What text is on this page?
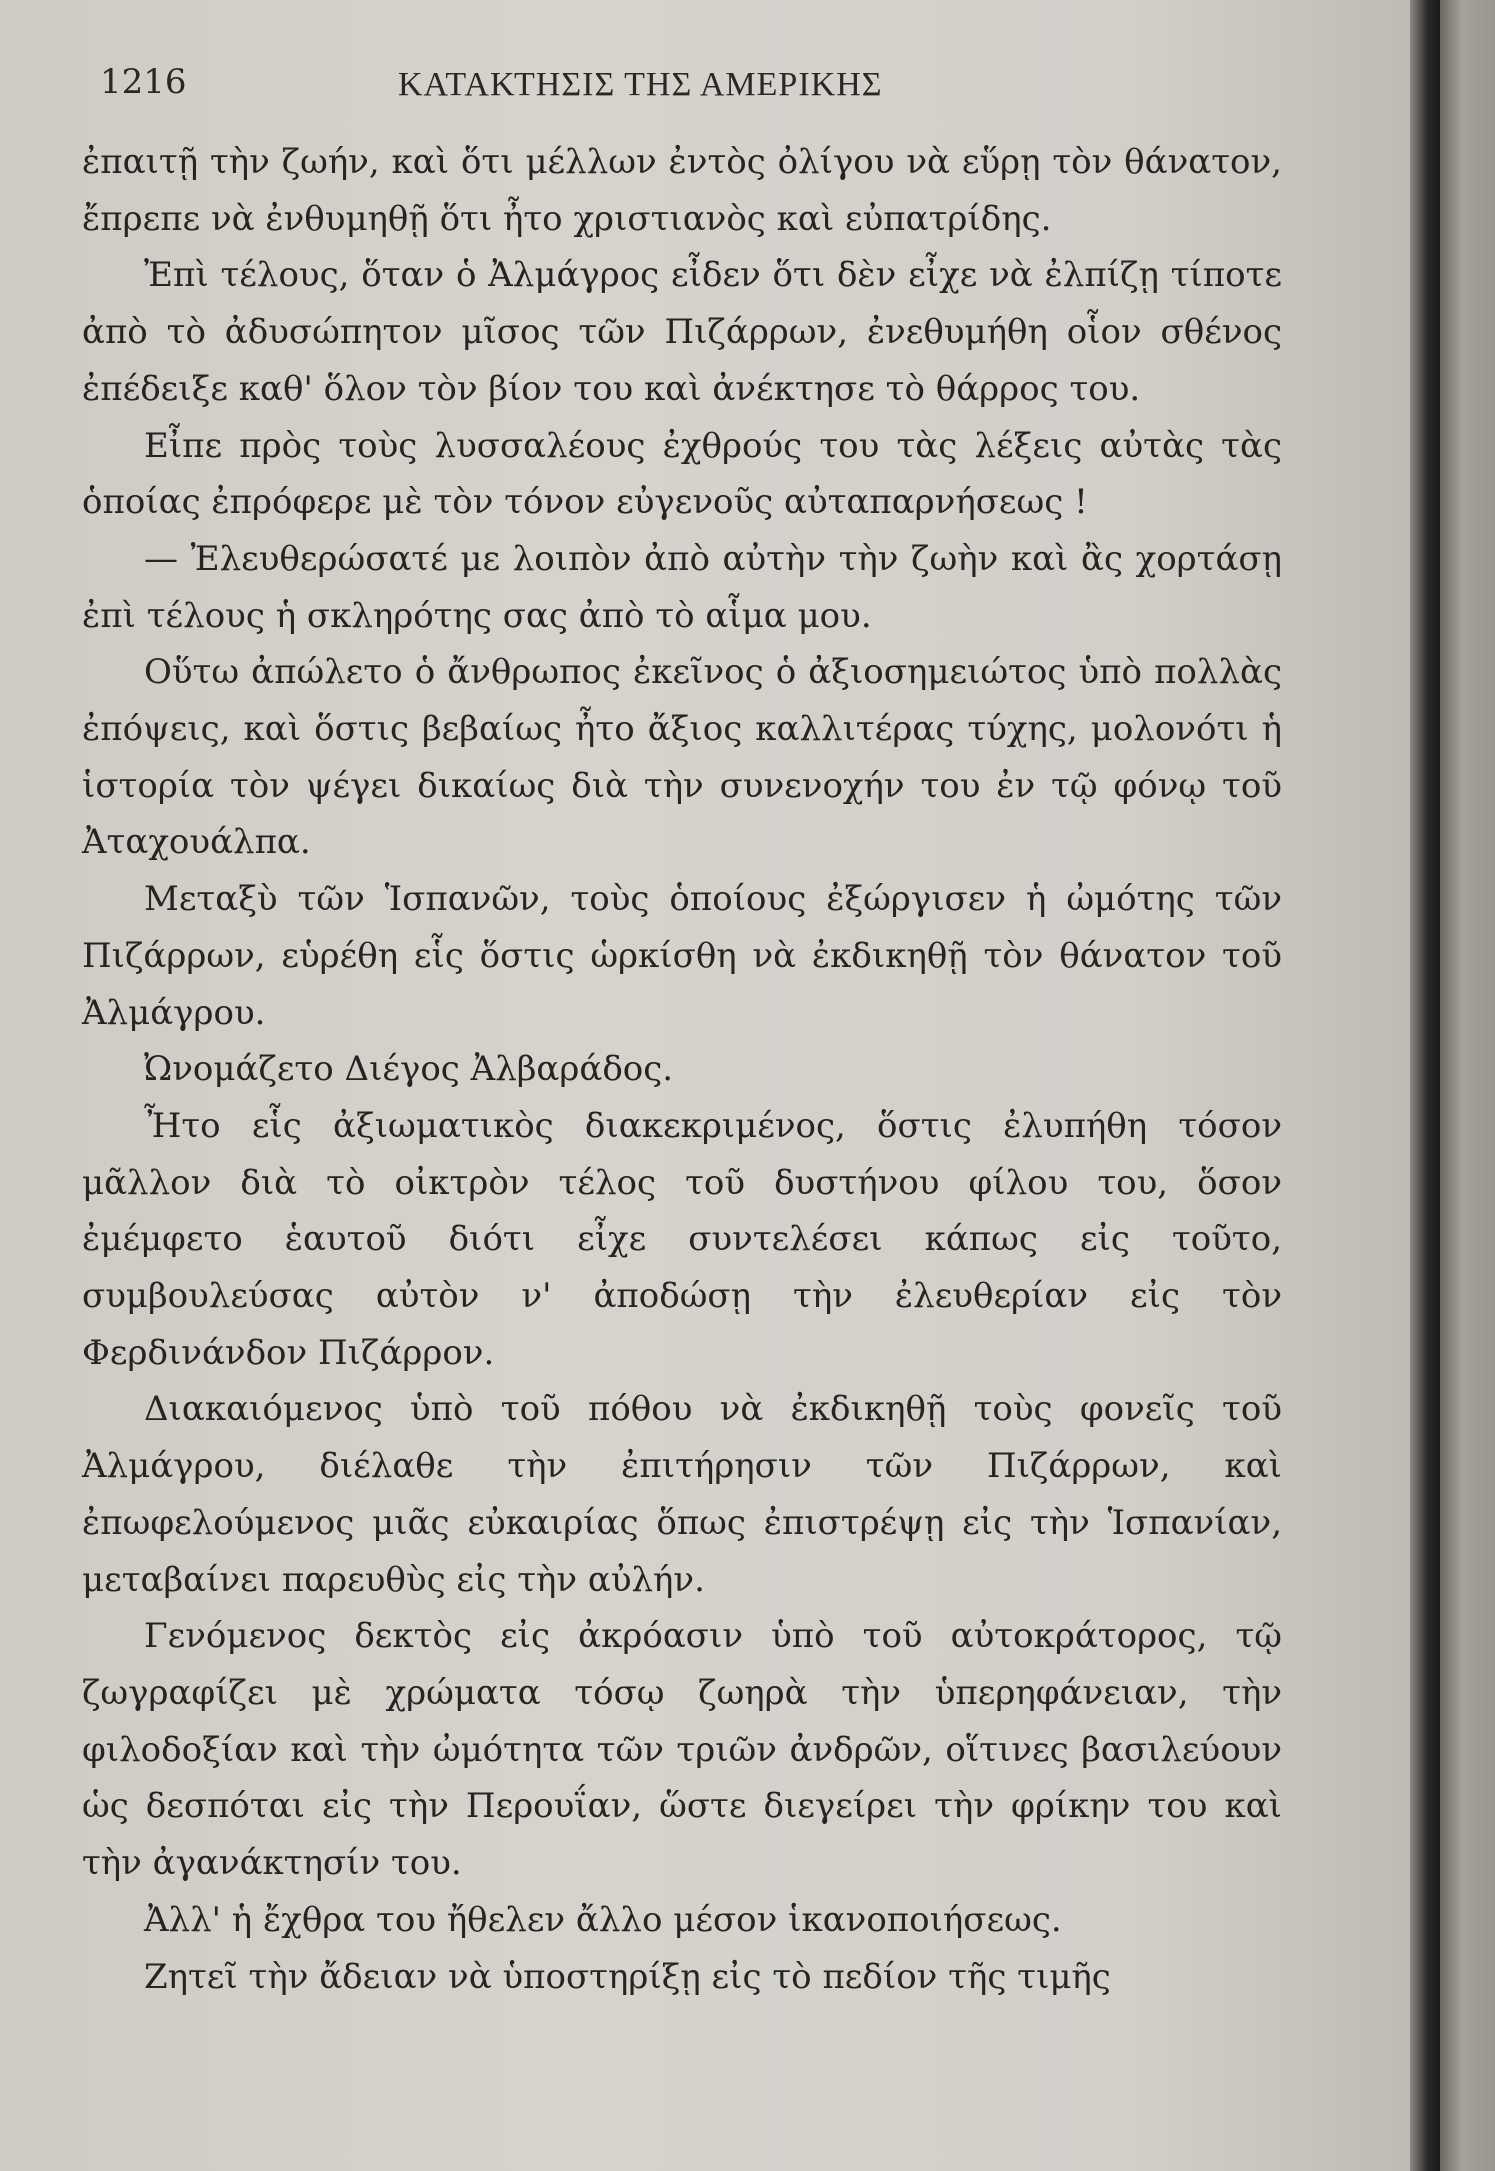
1216	ΚΑΤΑΚΤΗΣΙΣ ΤΗΣ ΑΜΕΡΙΚΗΣ

ἐπαιτῇ τὴν ζωήν, καὶ ὅτι μέλλων ἐντὸς ὀλίγου νὰ εὕρῃ τὸν θάνατον, ἔπρεπε νὰ ἐνθυμηθῇ ὅτι ἦτο χριστιανὸς καὶ εὐπατρίδης.

Ἐπὶ τέλους, ὅταν ὁ Ἀλμάγρος εἶδεν ὅτι δὲν εἶχε νὰ ἐλπίζῃ τίποτε ἀπὸ τὸ ἀδυσώπητον μῖσος τῶν Πιζάρρων, ἐνεθυμήθη οἷον σθένος ἐπέδειξε καθ' ὅλον τὸν βίον του καὶ ἀνέκτησε τὸ θάρρος του.

Εἶπε πρὸς τοὺς λυσσαλέους ἐχθρούς του τὰς λέξεις αὐτὰς τὰς ὁποίας ἐπρόφερε μὲ τὸν τόνον εὐγενοῦς αὐταπαρνήσεως !

— Ἐλευθερώσατέ με λοιπὸν ἀπὸ αὐτὴν τὴν ζωὴν καὶ ἂς χορτάσῃ ἐπὶ τέλους ἡ σκληρότης σας ἀπὸ τὸ αἷμα μου.

Οὕτω ἀπώλετο ὁ ἄνθρωπος ἐκεῖνος ὁ ἀξιοσημειώτος ὑπὸ πολλὰς ἐπόψεις, καὶ ὅστις βεβαίως ἦτο ἄξιος καλλιτέρας τύχης, μολονότι ἡ ἱστορία τὸν ψέγει δικαίως διὰ τὴν συνενοχήν του ἐν τῷ φόνῳ τοῦ Ἀταχουάλπα.

Μεταξὺ τῶν Ἱσπανῶν, τοὺς ὁποίους ἐξώργισεν ἡ ὠμότης τῶν Πιζάρρων, εὑρέθη εἷς ὅστις ὡρκίσθη νὰ ἐκδικηθῇ τὸν θάνατον τοῦ Ἀλμάγρου.

Ὠνομάζετο Διέγος Ἀλβαράδος.

Ἦτο εἷς ἀξιωματικὸς διακεκριμένος, ὅστις ἐλυπήθη τόσον μᾶλλον διὰ τὸ οἰκτρὸν τέλος τοῦ δυστήνου φίλου του, ὅσον ἐμέμφετο ἑαυτοῦ διότι εἶχε συντελέσει κάπως εἰς τοῦτο, συμβουλεύσας αὐτὸν ν' ἀποδώσῃ τὴν ἐλευθερίαν εἰς τὸν Φερδινάνδον Πιζάρρον.

Διακαιόμενος ὑπὸ τοῦ πόθου νὰ ἐκδικηθῇ τοὺς φονεῖς τοῦ Ἀλμάγρου, διέλαθε τὴν ἐπιτήρησιν τῶν Πιζάρρων, καὶ ἐπωφελούμενος μιᾶς εὐκαιρίας ὅπως ἐπιστρέψῃ εἰς τὴν Ἱσπανίαν, μεταβαίνει παρευθὺς εἰς τὴν αὐλήν.

Γενόμενος δεκτὸς εἰς ἀκρόασιν ὑπὸ τοῦ αὐτοκράτορος, τῷ ζωγραφίζει μὲ χρώματα τόσῳ ζωηρὰ τὴν ὑπερηφάνειαν, τὴν φιλοδοξίαν καὶ τὴν ὠμότητα τῶν τριῶν ἀνδρῶν, οἵτινες βασιλεύουν ὡς δεσπόται εἰς τὴν Περουΐαν, ὥστε διεγείρει τὴν φρίκην του καὶ τὴν ἀγανάκτησίν του.

Ἀλλ' ἡ ἔχθρα του ἤθελεν ἄλλο μέσον ἱκανοποιήσεως.

Ζητεῖ τὴν ἄδειαν νὰ ὑποστηρίξῃ εἰς τὸ πεδίον τῆς τιμῆς
